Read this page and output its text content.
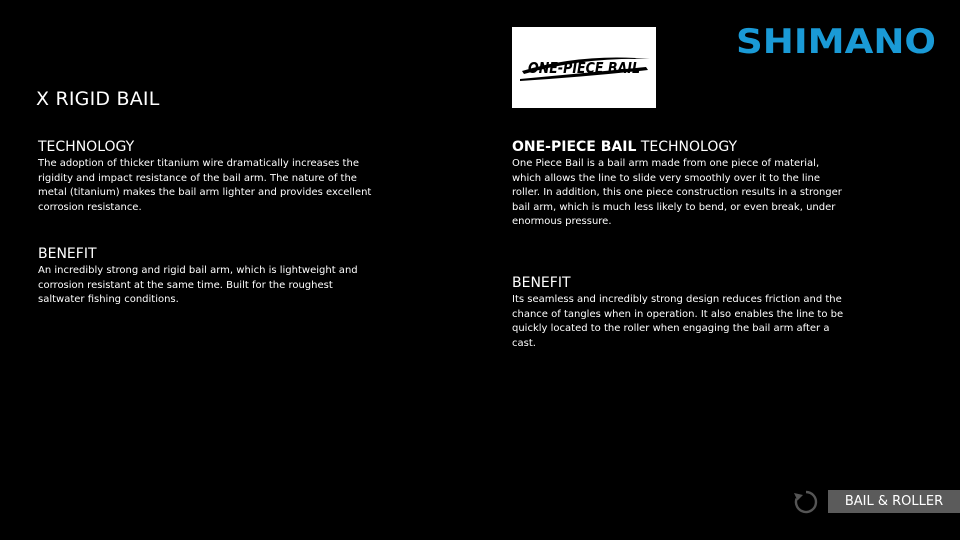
SHIMANO
ONE-PIECE BAIL
X RIGID BAIL
TECHNOLOGY

The adoption of thicker titanium wire dramatically increases the rigidity and impact resistance of the bail arm. The nature of the metal (titanium) makes the bail arm lighter and provides excellent corrosion resistance.

BENEFIT

An incredibly strong and rigid bail arm, which is lightweight and corrosion resistant at the same time. Built for the roughest saltwater fishing conditions.

ONE-PIECE BAIL TECHNOLOGY

One Piece Bail is a bail arm made from one piece of material, which allows the line to slide very smoothly over it to the line roller. In addition, this one piece construction results in a stronger bail arm, which is much less likely to bend, or even break, under enormous pressure.

BENEFIT

Its seamless and incredibly strong design reduces friction and the chance of tangles when in operation. It also enables the line to be quickly located to the roller when engaging the bail arm after a cast.

BAIL & ROLLER
